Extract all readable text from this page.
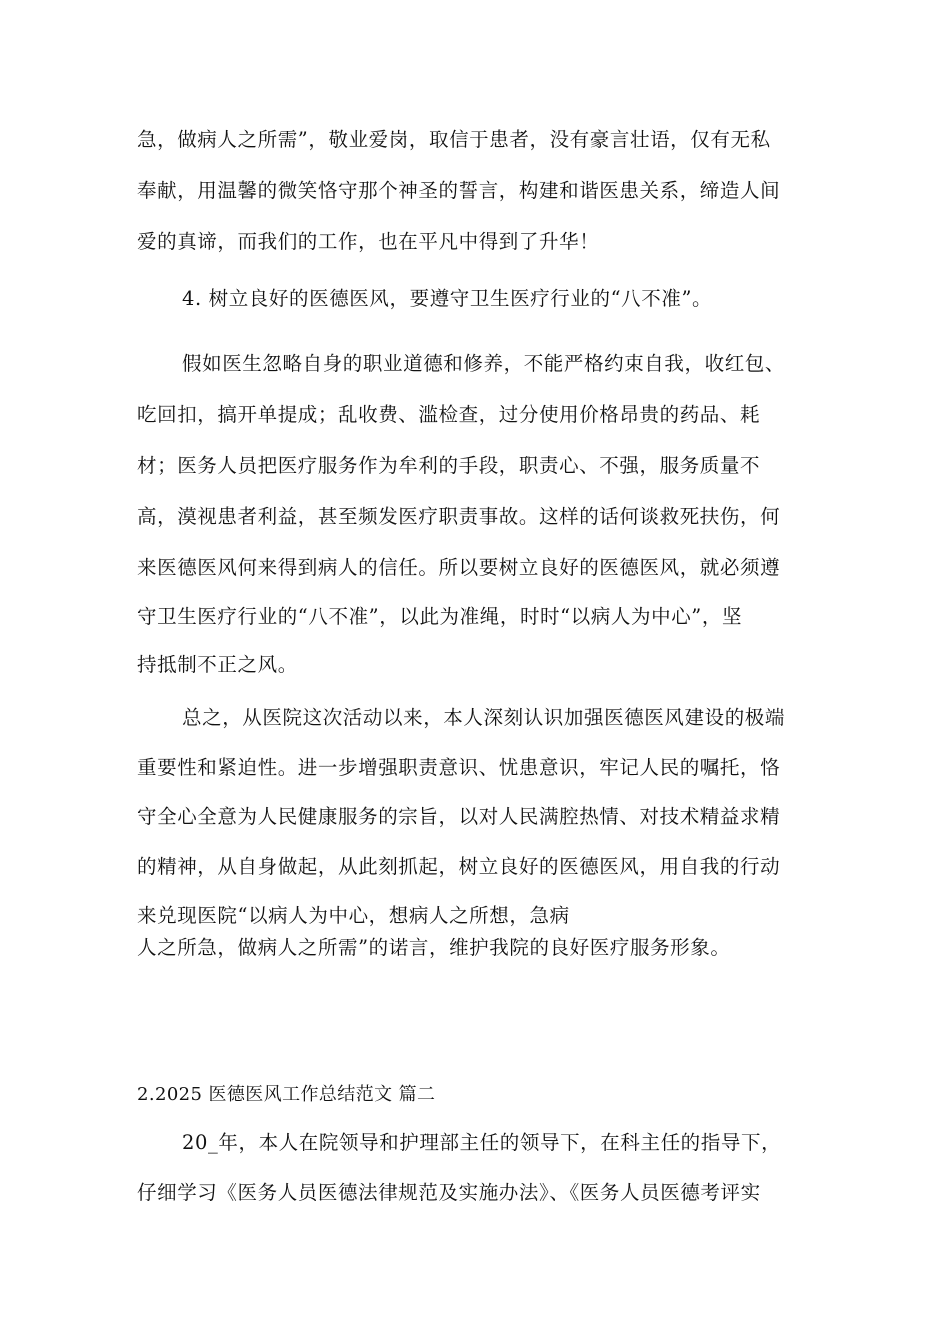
急，做病人之所需”，敬业爱岗，取信于患者，没有豪言壮语，仅有无私
奉献，用温馨的微笑恪守那个神圣的誓言，构建和谐医患关系，缔造人间
爱的真谛，而我们的工作，也在平凡中得到了升华！
4. 树立良好的医德医风，要遵守卫生医疗行业的“八不准”。
假如医生忽略自身的职业道德和修养，不能严格约束自我，收红包、
吃回扣，搞开单提成；乱收费、滥检查，过分使用价格昂贵的药品、耗
材；医务人员把医疗服务作为牟利的手段，职责心、不强，服务质量不
高，漠视患者利益，甚至频发医疗职责事故。这样的话何谈救死扶伤，何
来医德医风何来得到病人的信任。所以要树立良好的医德医风，就必须遵
守卫生医疗行业的“八不准”，以此为准绳，时时“以病人为中心”，坚
持抵制不正之风。
总之，从医院这次活动以来，本人深刻认识加强医德医风建设的极端
重要性和紧迫性。进一步增强职责意识、忧患意识，牢记人民的嘱托，恪
守全心全意为人民健康服务的宗旨，以对人民满腔热情、对技术精益求精
的精神，从自身做起，从此刻抓起，树立良好的医德医风，用自我的行动
来兑现医院“以病人为中心，想病人之所想，急病
人之所急，做病人之所需”的诺言，维护我院的良好医疗服务形象。
2.2025 医德医风工作总结范文 篇二
20_年，本人在院领导和护理部主任的领导下，在科主任的指导下，
仔细学习《医务人员医德法律规范及实施办法》、《医务人员医德考评实
